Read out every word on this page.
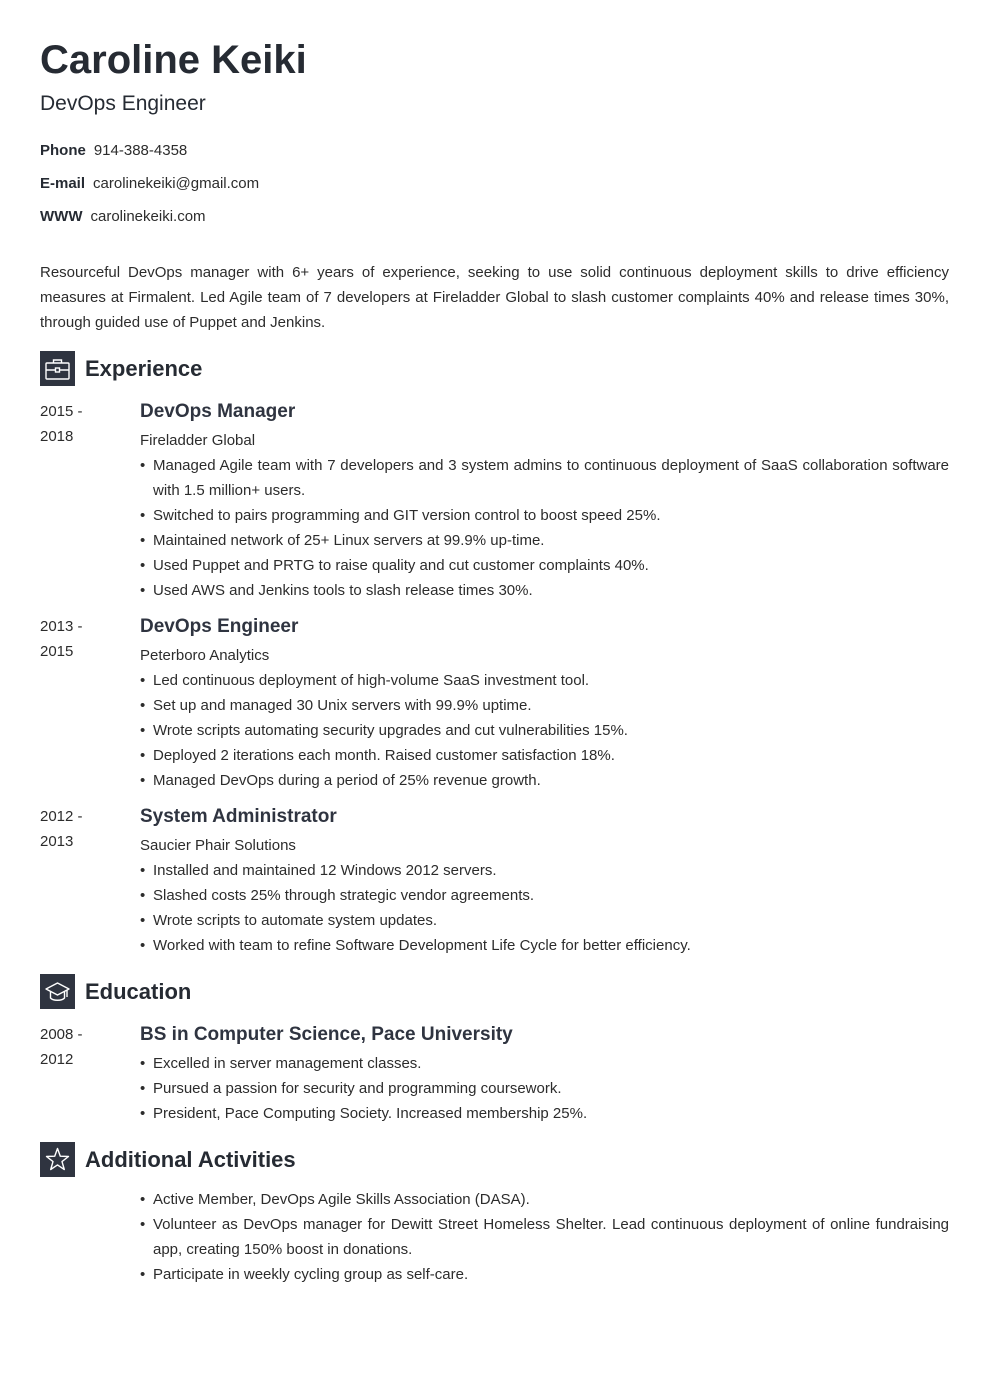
Caroline Keiki
DevOps Engineer
Phone 914-388-4358
E-mail carolinekeiki@gmail.com
WWW carolinekeiki.com

Resourceful DevOps manager with 6+ years of experience, seeking to use solid continuous deployment skills to drive efficiency measures at Firmalent. Led Agile team of 7 developers at Fireladder Global to slash customer complaints 40% and release times 30%, through guided use of Puppet and Jenkins.

Experience
2015 -
2018
DevOps Manager
Fireladder Global
• Managed Agile team with 7 developers and 3 system admins to continuous deployment of SaaS collaboration software with 1.5 million+ users.
• Switched to pairs programming and GIT version control to boost speed 25%.
• Maintained network of 25+ Linux servers at 99.9% up-time.
• Used Puppet and PRTG to raise quality and cut customer complaints 40%.
• Used AWS and Jenkins tools to slash release times 30%.
2013 -
2015
DevOps Engineer
Peterboro Analytics
• Led continuous deployment of high-volume SaaS investment tool.
• Set up and managed 30 Unix servers with 99.9% uptime.
• Wrote scripts automating security upgrades and cut vulnerabilities 15%.
• Deployed 2 iterations each month. Raised customer satisfaction 18%.
• Managed DevOps during a period of 25% revenue growth.
2012 -
2013
System Administrator
Saucier Phair Solutions
• Installed and maintained 12 Windows 2012 servers.
• Slashed costs 25% through strategic vendor agreements.
• Wrote scripts to automate system updates.
• Worked with team to refine Software Development Life Cycle for better efficiency.
Education
2008 -
2012
BS in Computer Science, Pace University
• Excelled in server management classes.
• Pursued a passion for security and programming coursework.
• President, Pace Computing Society. Increased membership 25%.
Additional Activities
• Active Member, DevOps Agile Skills Association (DASA).
• Volunteer as DevOps manager for Dewitt Street Homeless Shelter. Lead continuous deployment of online fundraising app, creating 150% boost in donations.
• Participate in weekly cycling group as self-care.
